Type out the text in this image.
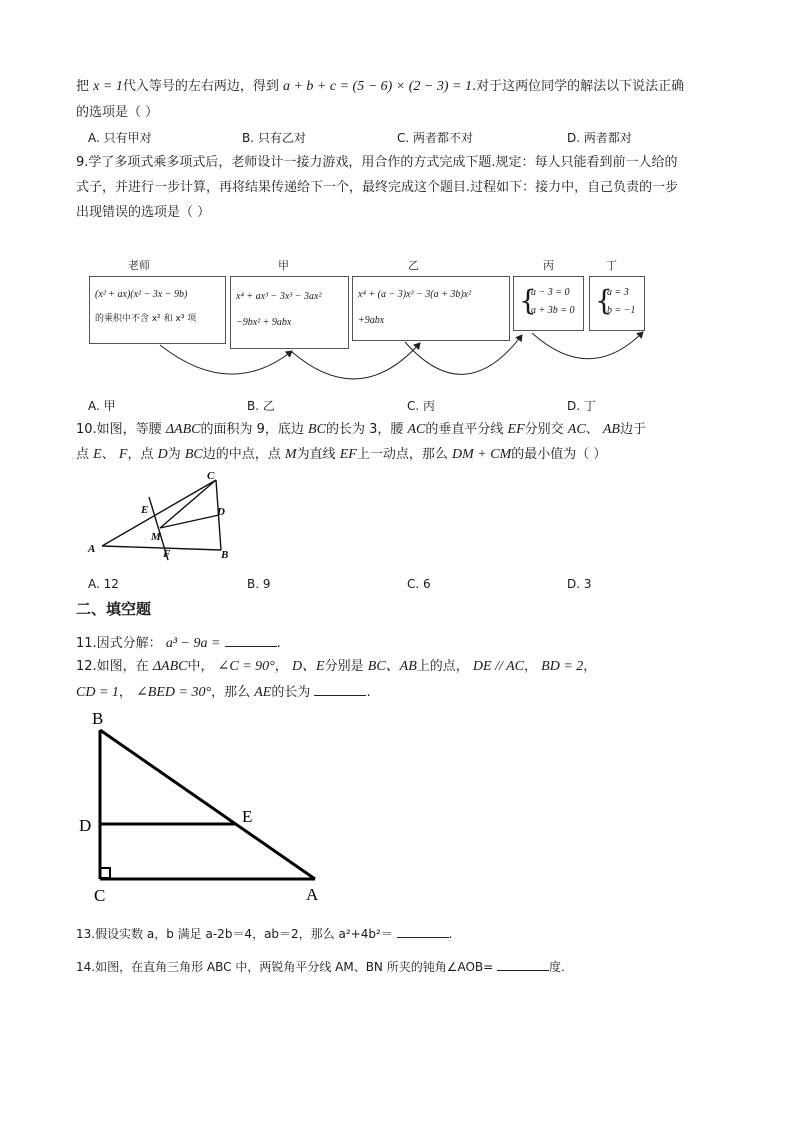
把 x = 1代入等号的左右两边，得到 a + b + c = (5 − 6) × (2 − 3) = 1.对于这两位同学的解法以下说法正确
的选项是（ ）
A. 只有甲对	B. 只有乙对	C. 两者都不对	D. 两者都对
9.学了多项式乘多项式后，老师设计一接力游戏，用合作的方式完成下题.规定：每人只能看到前一人给的
式子，并进行一步计算，再将结果传递给下一个，最终完成这个题目.过程如下：接力中，自己负责的一步
出现错误的选项是（ ）
老师	甲	乙	丙	丁
(x² + ax)(x² − 3x − 9b)
的乘积中不含 x² 和 x³ 项
x⁴ + ax³ − 3x³ − 3ax²
−9bx² + 9abx
x⁴ + (a − 3)x³ − 3(a + 3b)x²
+9abx
{
a − 3 = 0
a + 3b = 0 {
a = 3
b = −1
A. 甲	B. 乙	C. 丙	D. 丁
10.如图，等腰 ΔABC的面积为 9，底边 BC的长为 3，腰 AC的垂直平分线 EF分别交 AC、 AB边于
点 E、 F，点 D为 BC边的中点，点 M为直线 EF上一动点，那么 DM + CM的最小值为（ ）
C
D
E
M
A	F	B
A. 12	B. 9	C. 6	D. 3
二、填空题
11.因式分解： a³ − 9a =	.
12.如图，在 ΔABC中， ∠C = 90°， D、E分别是 BC、AB上的点， DE // AC， BD = 2，
CD = 1， ∠BED = 30°，那么 AE的长为	.
B
D	E
C	A
13.假设实数 a，b 满足 a-2b＝4，ab＝2，那么 a²+4b²＝	.
14.如图，在直角三角形 ABC 中，两锐角平分线 AM、BN 所夹的钝角∠AOB=	度.
